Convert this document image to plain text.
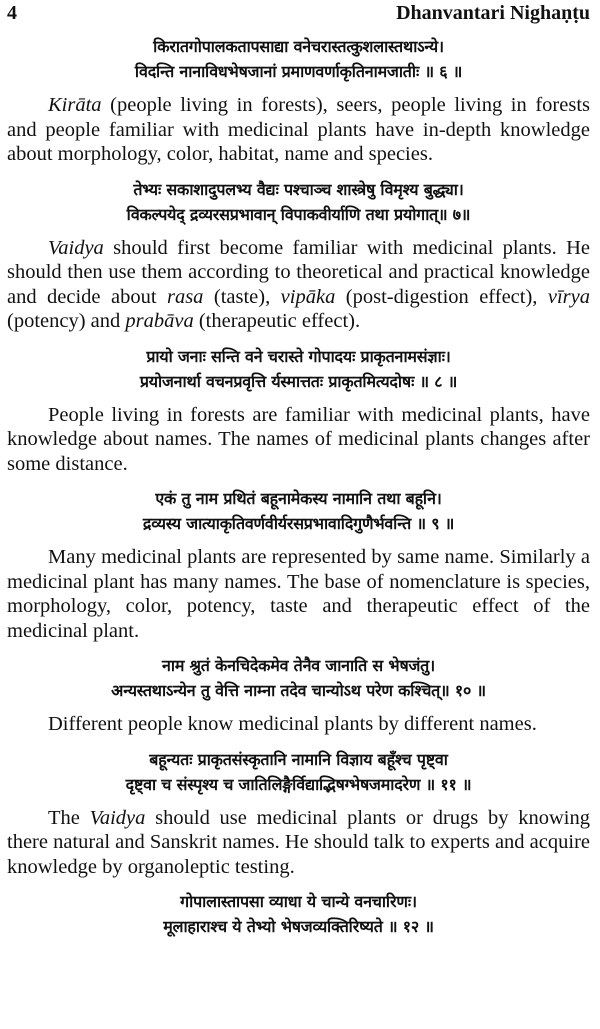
4	Dhanvantari Nighaṇṭu

किरातगोपालकतापसाद्या वनेचरास्तत्कुशलास्तथाऽन्ये।

विदन्ति नानाविधभेषजानां प्रमाणवर्णाकृतिनामजातीः ॥ ६ ॥

Kirāta (people living in forests), seers, people living in forests and people familiar with medicinal plants have in-depth knowledge about morphology, color, habitat, name and species.

तेभ्यः सकाशादुपलभ्य वैद्यः पश्चाञ्च शास्त्रेषु विमृश्य बुद्ध्या।

विकल्पयेद् द्रव्यरसप्रभावान् विपाकवीर्याणि तथा प्रयोगात्॥ ७॥

Vaidya should first become familiar with medicinal plants. He should then use them according to theoretical and practical knowledge and decide about rasa (taste), vipāka (post-digestion effect), vīrya (potency) and prabāva (therapeutic effect).

प्रायो जनाः सन्ति वने चरास्ते गोपादयः प्राकृतनामसंज्ञाः।

प्रयोजनार्था वचनप्रवृत्ति र्यस्मात्ततः प्राकृतमित्यदोषः ॥ ८ ॥

People living in forests are familiar with medicinal plants, have knowledge about names. The names of medicinal plants changes after some distance.

एकं तु नाम प्रथितं बहूनामेकस्य नामानि तथा बहूनि।

द्रव्यस्य जात्याकृतिवर्णवीर्यरसप्रभावादिगुणैर्भवन्ति ॥ ९ ॥

Many medicinal plants are represented by same name. Similarly a medicinal plant has many names. The base of nomenclature is species, morphology, color, potency, taste and therapeutic effect of the medicinal plant.

नाम श्रुतं केनचिदेकमेव तेनैव जानाति स भेषजंतु।

अन्यस्तथाऽन्येन तु वेत्ति नाम्ना तदेव चान्योऽथ परेण कश्चित्॥ १० ॥

Different people know medicinal plants by different names.

बहून्यतः प्राकृतसंस्कृतानि नामानि विज्ञाय बहूँश्च पृष्ट्वा

दृष्ट्वा च संस्पृश्य च जातिलिङ्गैर्विद्याद्भिषग्भेषजमादरेण ॥ ११ ॥

The Vaidya should use medicinal plants or drugs by knowing there natural and Sanskrit names. He should talk to experts and acquire knowledge by organoleptic testing.

गोपालास्तापसा व्याधा ये चान्ये वनचारिणः।

मूलाहाराश्च ये तेभ्यो भेषजव्यक्तिरिष्यते ॥ १२ ॥
